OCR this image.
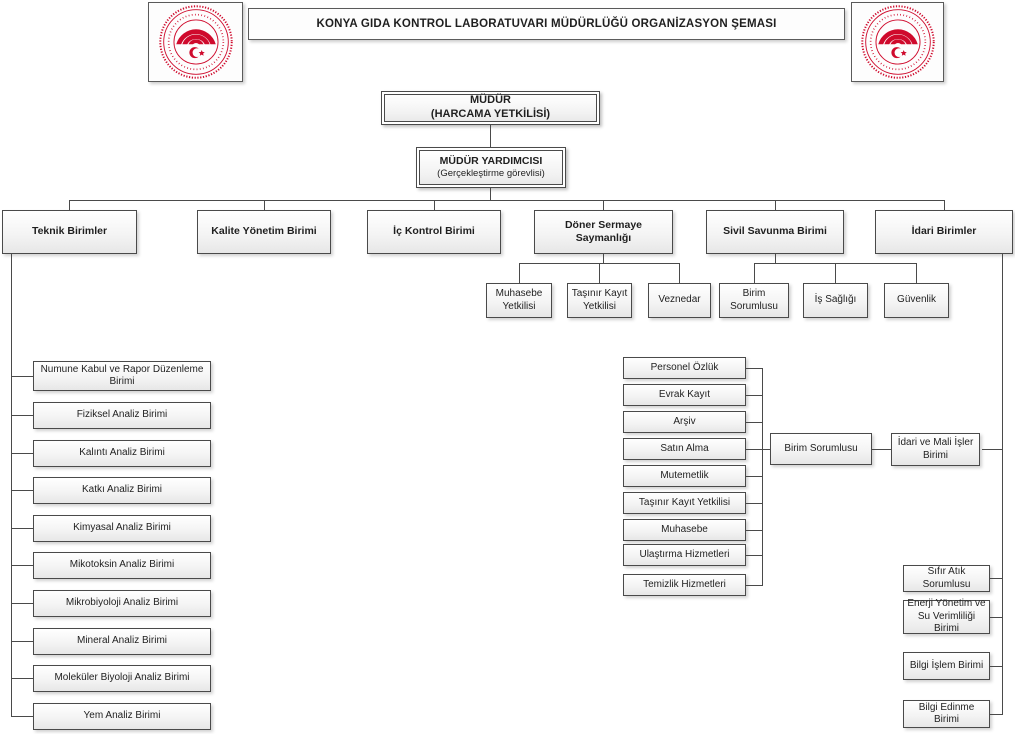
KONYA GIDA KONTROL LABORATUVARI MÜDÜRLÜĞÜ ORGANİZASYON ŞEMASI
MÜDÜR
(HARCAMA YETKİLİSİ)
MÜDÜR YARDIMCISI
(Gerçekleştirme görevlisi)
Teknik Birimler	Kalite Yönetim Birimi	İç Kontrol Birimi
Döner Sermaye Saymanlığı
Sivil Savunma Birimi	İdari Birimler
Muhasebe Yetkilisi
Taşınır Kayıt Yetkilisi
Veznedar
Birim Sorumlusu
İş Sağlığı	Güvenlik
Numune Kabul ve Rapor Düzenleme Birimi
Fiziksel Analiz Birimi
Kalıntı Analiz Birimi
Katkı Analiz Birimi
Kimyasal Analiz Birimi
Mikotoksin Analiz Birimi
Mikrobiyoloji Analiz Birimi
Mineral Analiz Birimi
Moleküler Biyoloji Analiz Birimi
Yem Analiz Birimi
Personel Özlük
Evrak Kayıt
Arşiv
Satın Alma
Mutemetlik
Taşınır Kayıt Yetkilisi
Muhasebe
Ulaştırma Hizmetleri
Temizlik Hizmetleri
Birim Sorumlusu
İdari ve Mali İşler Birimi
Sıfır Atık Sorumlusu
Enerji Yönetim ve Su Verimliliği Birimi
Bilgi İşlem Birimi
Bilgi Edinme Birimi
